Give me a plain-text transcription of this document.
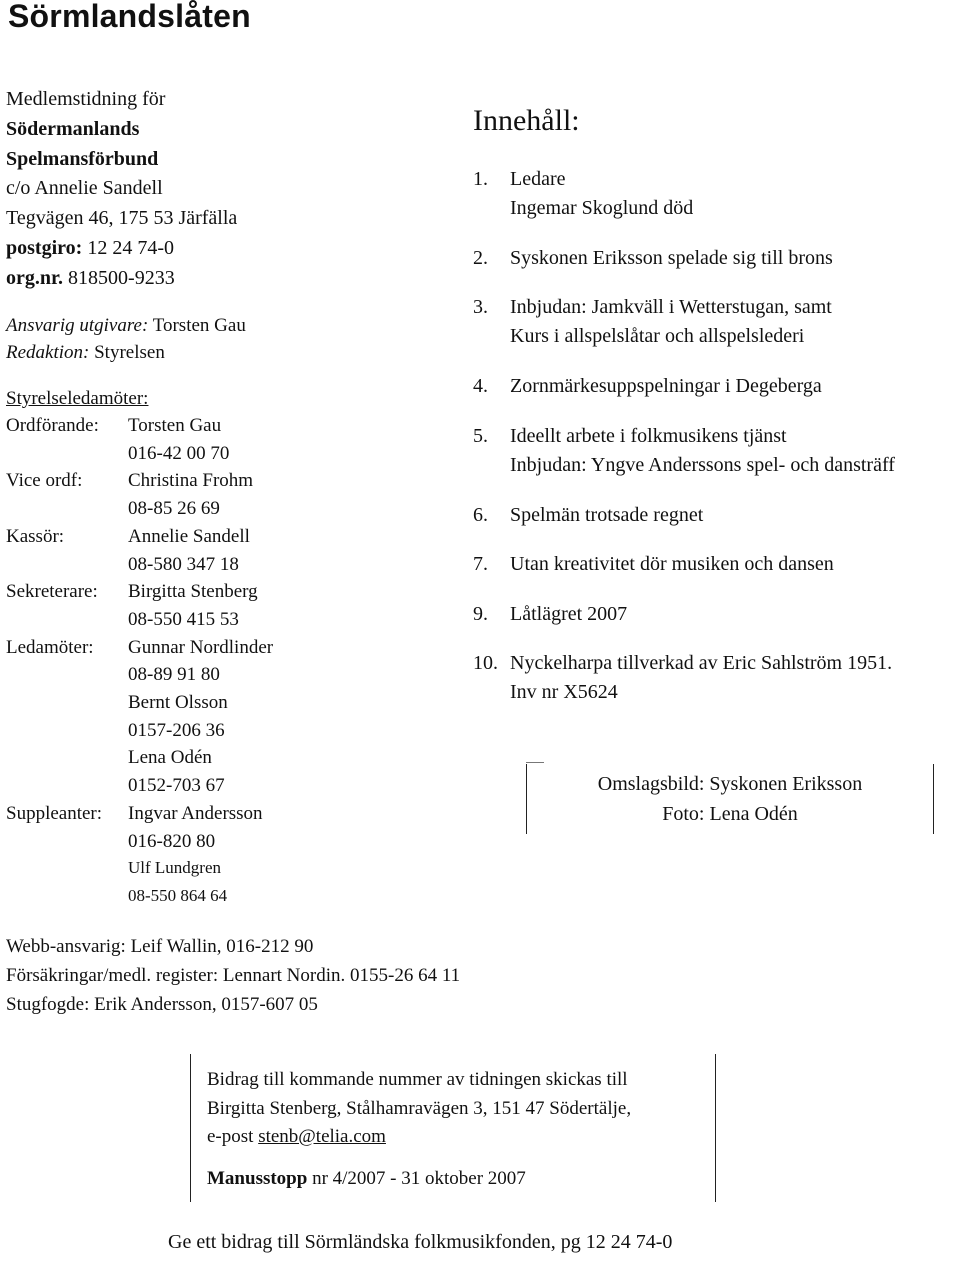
Sörmlandslåten
Medlemstidning för
Södermanlands
Spelmansförbund
c/o Annelie Sandell
Tegvägen 46, 175 53 Järfälla
postgiro: 12 24 74-0
org.nr. 818500-9233
Ansvarig utgivare: Torsten Gau
Redaktion: Styrelsen
Styrelseledamöter:
Ordförande: Torsten Gau
016-42 00 70
Vice ordf: Christina Frohm
08-85 26 69
Kassör:	Annelie Sandell
08-580 347 18
Sekreterare: Birgitta Stenberg
08-550 415 53
Ledamöter: Gunnar Nordlinder
08-89 91 80
Bernt Olsson
0157-206 36
Lena Odén
0152-703 67
Suppleanter: Ingvar Andersson
016-820 80
Ulf Lundgren
08-550 864 64
Webb-ansvarig: Leif Wallin, 016-212 90
Försäkringar/medl. register: Lennart Nordin. 0155-26 64 11
Stugfogde: Erik Andersson, 0157-607 05
Innehåll:
1. Ledare
Ingemar Skoglund död
2. Syskonen Eriksson spelade sig till brons
3. Inbjudan: Jamkväll i Wetterstugan, samt
Kurs i allspelslåtar och allspelslederi
4. Zornmärkesuppspelningar i Degeberga
5. Ideellt arbete i folkmusikens tjänst
Inbjudan: Yngve Anderssons spel- och dansträff
6. Spelmän trotsade regnet
7. Utan kreativitet dör musiken och dansen
9. Låtlägret 2007
10. Nyckelharpa tillverkad av Eric Sahlström 1951.
Inv nr X5624
Omslagsbild: Syskonen Eriksson
Foto: Lena Odén
Bidrag till kommande nummer av tidningen skickas till
Birgitta Stenberg, Stålhamravägen 3, 151 47 Södertälje,
e-post stenb@telia.com
Manusstopp nr 4/2007 - 31 oktober 2007
Ge ett bidrag till Sörmländska folkmusikfonden, pg 12 24 74-0
